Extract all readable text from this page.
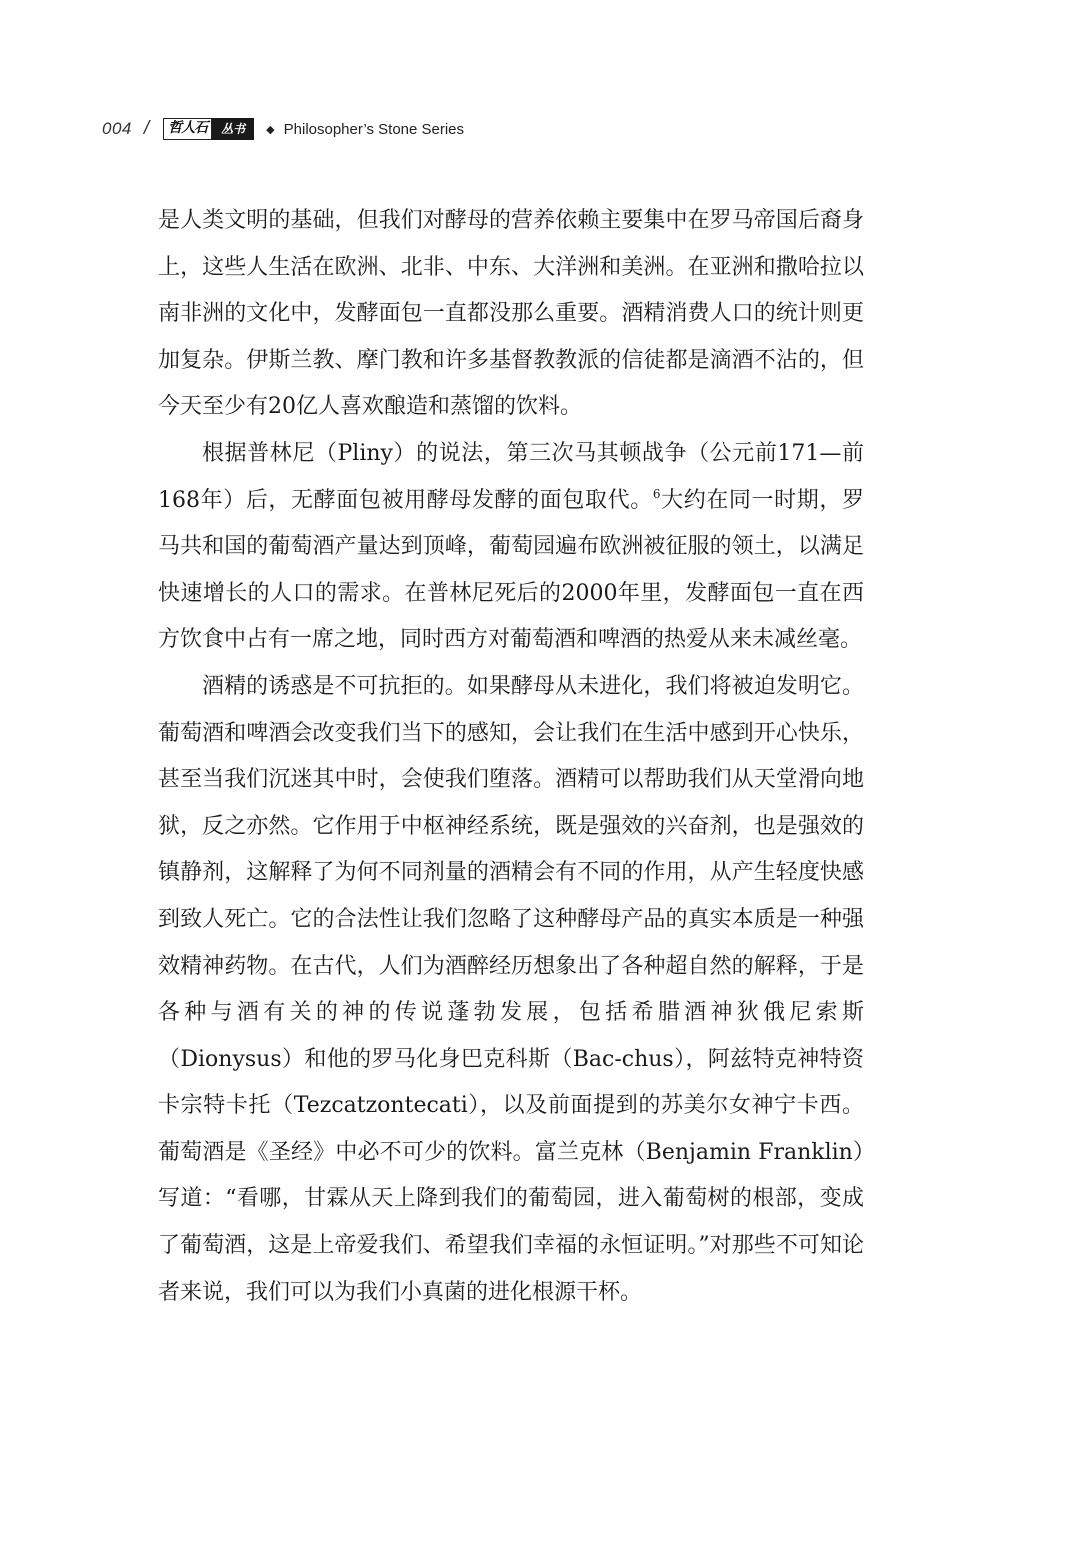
004 /	哲人石	丛书	◆ Philosopher’s Stone Series

是人类文明的基础，但我们对酵母的营养依赖主要集中在罗马帝国后裔身上，这些人生活在欧洲、北非、中东、大洋洲和美洲。在亚洲和撒哈拉以南非洲的文化中，发酵面包一直都没那么重要。酒精消费人口的统计则更加复杂。伊斯兰教、摩门教和许多基督教教派的信徒都是滴酒不沾的，但今天至少有20亿人喜欢酿造和蒸馏的饮料。

根据普林尼（Pliny）的说法，第三次马其顿战争（公元前171—前168年）后，无酵面包被用酵母发酵的面包取代。$^6$大约在同一时期，罗马共和国的葡萄酒产量达到顶峰，葡萄园遍布欧洲被征服的领土，以满足快速增长的人口的需求。在普林尼死后的2000年里，发酵面包一直在西方饮食中占有一席之地，同时西方对葡萄酒和啤酒的热爱从来未减丝毫。

酒精的诱惑是不可抗拒的。如果酵母从未进化，我们将被迫发明它。葡萄酒和啤酒会改变我们当下的感知，会让我们在生活中感到开心快乐，甚至当我们沉迷其中时，会使我们堕落。酒精可以帮助我们从天堂滑向地狱，反之亦然。它作用于中枢神经系统，既是强效的兴奋剂，也是强效的镇静剂，这解释了为何不同剂量的酒精会有不同的作用，从产生轻度快感到致人死亡。它的合法性让我们忽略了这种酵母产品的真实本质是一种强效精神药物。在古代，人们为酒醉经历想象出了各种超自然的解释，于是各种与酒有关的神的传说蓬勃发展，包括希腊酒神狄俄尼索斯（Dionysus）和他的罗马化身巴克科斯（Bac-chus），阿兹特克神特资卡宗特卡托（Tezcatzontecati），以及前面提到的苏美尔女神宁卡西。葡萄酒是《圣经》中必不可少的饮料。富兰克林（Benjamin Franklin）写道：“看哪，甘霖从天上降到我们的葡萄园，进入葡萄树的根部，变成了葡萄酒，这是上帝爱我们、希望我们幸福的永恒证明。”对那些不可知论者来说，我们可以为我们小真菌的进化根源干杯。
